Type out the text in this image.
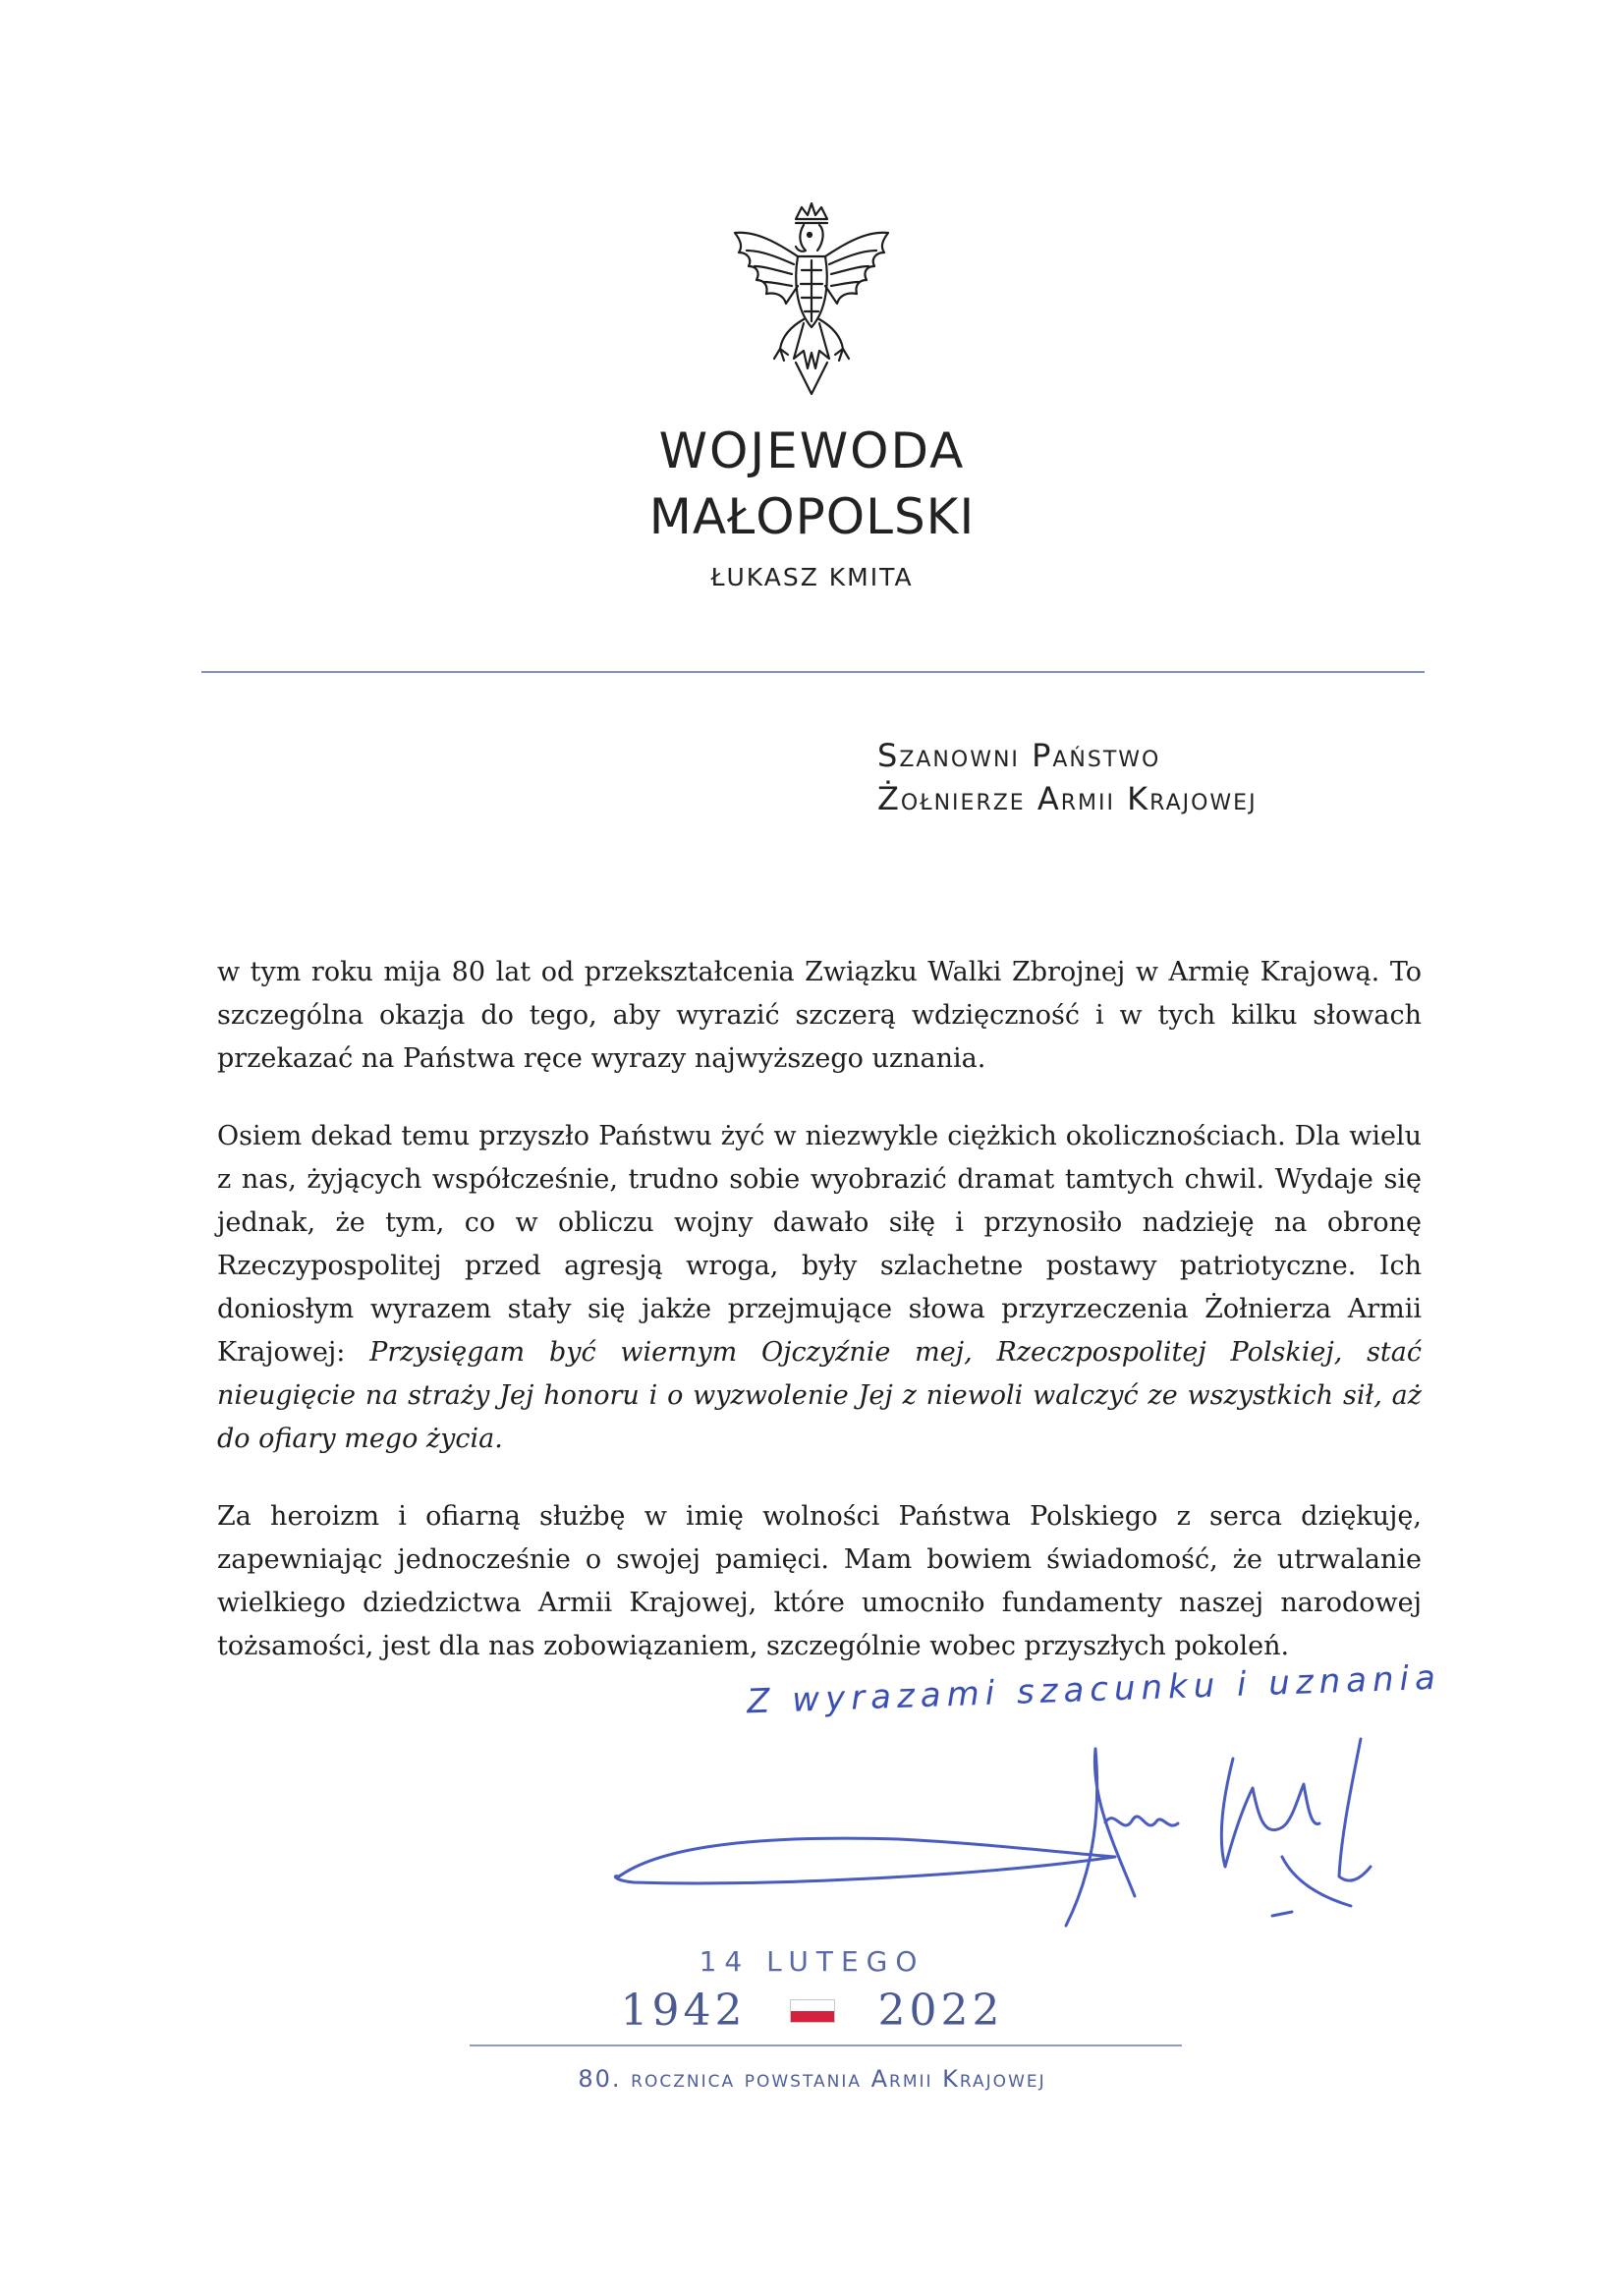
WOJEWODA
MAŁOPOLSKI
ŁUKASZ KMITA
Szanowni Państwo
Żołnierze Armii Krajowej

w tym roku mija 80 lat od przekształcenia Związku Walki Zbrojnej w Armię Krajową. To szczególna okazja do tego, aby wyrazić szczerą wdzięczność i w tych kilku słowach przekazać na Państwa ręce wyrazy najwyższego uznania.

Osiem dekad temu przyszło Państwu żyć w niezwykle ciężkich okolicznościach. Dla wielu z nas, żyjących współcześnie, trudno sobie wyobrazić dramat tamtych chwil. Wydaje się jednak, że tym, co w obliczu wojny dawało siłę i przynosiło nadzieję na obronę Rzeczypospolitej przed agresją wroga, były szlachetne postawy patriotyczne. Ich doniosłym wyrazem stały się jakże przejmujące słowa przyrzeczenia Żołnierza Armii Krajowej: Przysięgam być wiernym Ojczyźnie mej, Rzeczpospolitej Polskiej, stać nieugięcie na straży Jej honoru i o wyzwolenie Jej z niewoli walczyć ze wszystkich sił, aż do ofiary mego życia.

Za heroizm i ofiarną służbę w imię wolności Państwa Polskiego z serca dziękuję, zapewniając jednocześnie o swojej pamięci. Mam bowiem świadomość, że utrwalanie wielkiego dziedzictwa Armii Krajowej, które umocniło fundamenty naszej narodowej tożsamości, jest dla nas zobowiązaniem, szczególnie wobec przyszłych pokoleń.

Z wyrazami szacunku i uznania
14 LUTEGO
1942	2022
80. rocznica powstania Armii Krajowej
